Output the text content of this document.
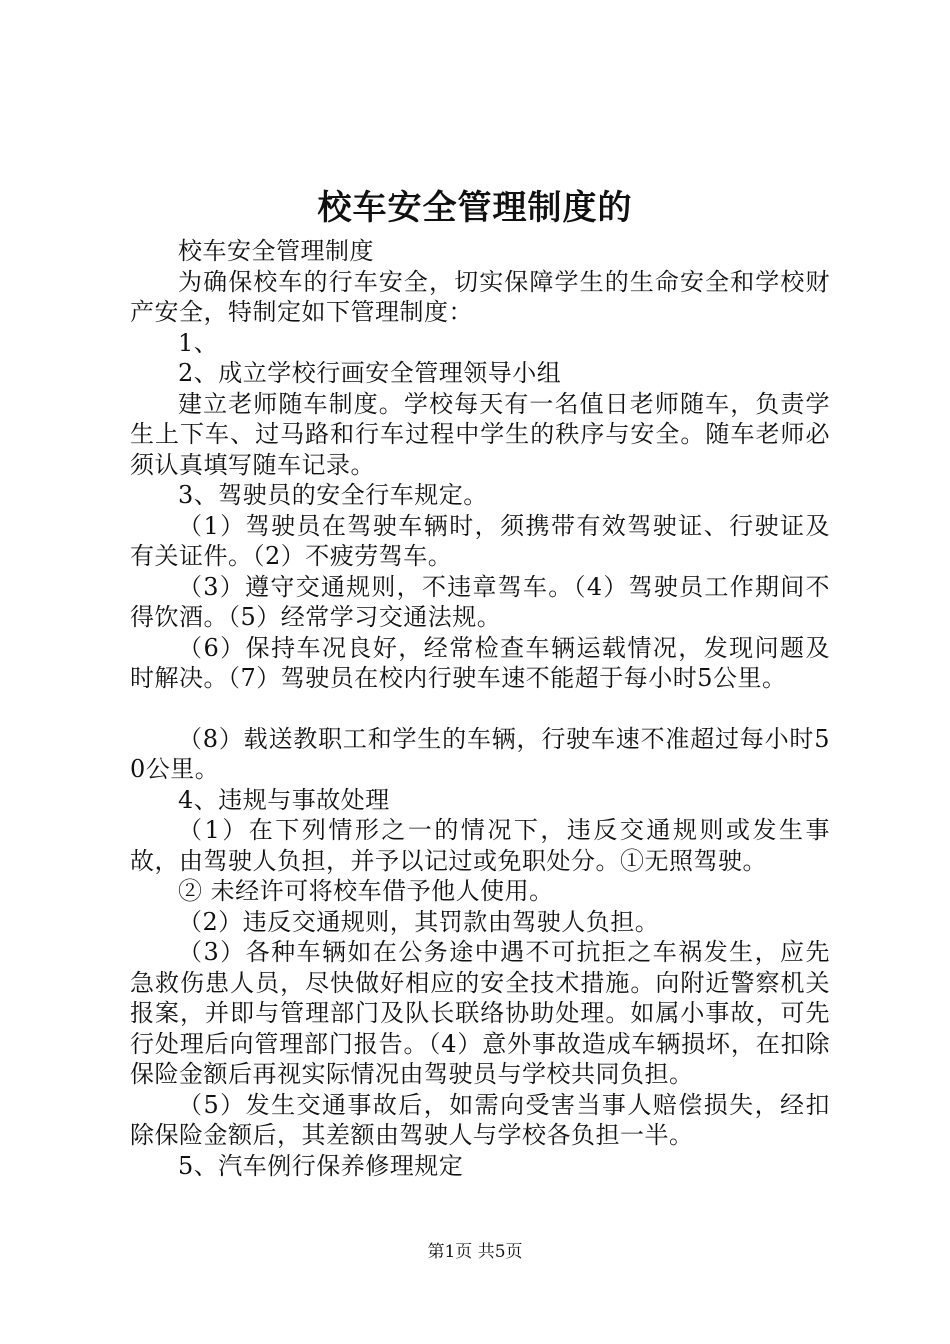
校车安全管理制度的

校车安全管理制度

为确保校车的行车安全，切实保障学生的生命安全和学校财产安全，特制定如下管理制度：

1、

2、成立学校行画安全管理领导小组

建立老师随车制度。学校每天有一名值日老师随车，负责学生上下车、过马路和行车过程中学生的秩序与安全。随车老师必须认真填写随车记录。

3、驾驶员的安全行车规定。

（1）驾驶员在驾驶车辆时，须携带有效驾驶证、行驶证及有关证件。（2）不疲劳驾车。

（3）遵守交通规则，不违章驾车。（4）驾驶员工作期间不得饮酒。（5）经常学习交通法规。

（6）保持车况良好，经常检查车辆运载情况，发现问题及时解决。（7）驾驶员在校内行驶车速不能超于每小时5公里。

（8）载送教职工和学生的车辆，行驶车速不准超过每小时50公里。

4、违规与事故处理

（1）在下列情形之一的情况下，违反交通规则或发生事故，由驾驶人负担，并予以记过或免职处分。①无照驾驶。

② 未经许可将校车借予他人使用。

（2）违反交通规则，其罚款由驾驶人负担。

（3）各种车辆如在公务途中遇不可抗拒之车祸发生，应先急救伤患人员，尽快做好相应的安全技术措施。向附近警察机关报案，并即与管理部门及队长联络协助处理。如属小事故，可先行处理后向管理部门报告。（4）意外事故造成车辆损坏，在扣除保险金额后再视实际情况由驾驶员与学校共同负担。

（5）发生交通事故后，如需向受害当事人赔偿损失，经扣除保险金额后，其差额由驾驶人与学校各负担一半。

5、汽车例行保养修理规定

第1页 共5页
